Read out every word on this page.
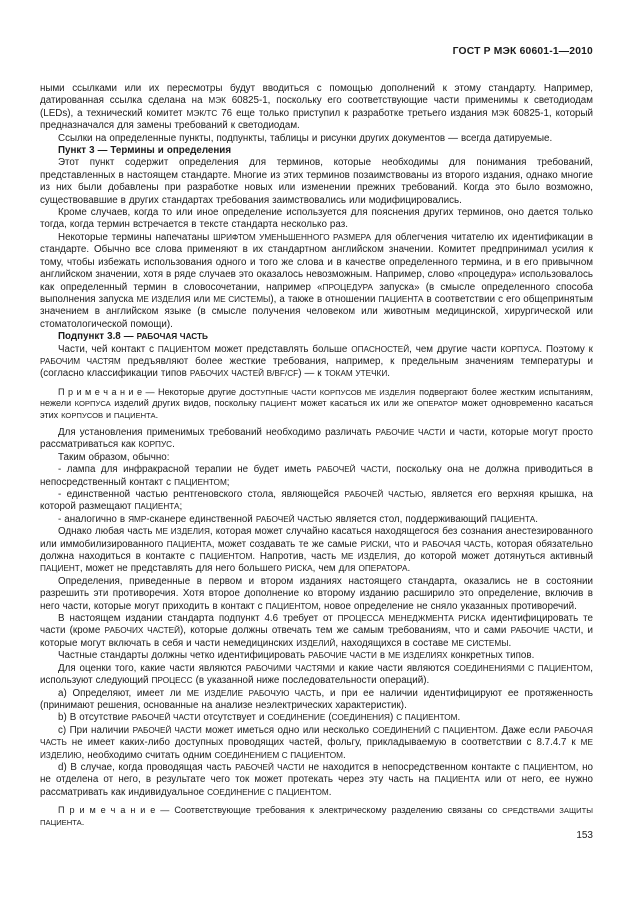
ГОСТ Р МЭК 60601-1—2010
ными ссылками или их пересмотры будут вводиться с помощью дополнений к этому стандарту. Например, датированная ссылка сделана на МЭК 60825-1, поскольку его соответствующие части применимы к светодиодам (LEDs), а технический комитет МЭК/ТС 76 еще только приступил к разработке третьего издания МЭК 60825-1, который предназначался для замены требований к светодиодам.
Ссылки на определенные пункты, подпункты, таблицы и рисунки других документов — всегда датируемые.
Пункт 3 — Термины и определения
Этот пункт содержит определения для терминов, которые необходимы для понимания требований, представленных в настоящем стандарте. Многие из этих терминов позаимствованы из второго издания, однако многие из них были добавлены при разработке новых или изменении прежних требований. Когда это было возможно, существовавшие в других стандартах требования заимствовались или модифицировались.
Кроме случаев, когда то или иное определение используется для пояснения других терминов, оно дается только тогда, когда термин встречается в тексте стандарта несколько раз.
Некоторые термины напечатаны ШРИФТОМ УМЕНЬШЕННОГО РАЗМЕРА для облегчения читателю их идентификации в стандарте. Обычно все слова применяют в их стандартном английском значении. Комитет предпринимал усилия к тому, чтобы избежать использования одного и того же слова и в качестве определенного термина, и в его привычном английском значении, хотя в ряде случаев это оказалось невозможным. Например, слово «процедура» использовалось как определенный термин в словосочетании, например «ПРОЦЕДУРА запуска» (в смысле определенного способа выполнения запуска МЕ ИЗДЕЛИЯ или МЕ СИСТЕМЫ), а также в отношении ПАЦИЕНТА в соответствии с его общепринятым значением в английском языке (в смысле получения человеком или животным медицинской, хирургической или стоматологической помощи).
Подпункт 3.8 — РАБОЧАЯ ЧАСТЬ
Части, чей контакт с ПАЦИЕНТОМ может представлять больше ОПАСНОСТЕЙ, чем другие части КОРПУСА. Поэтому к РАБОЧИМ ЧАСТЯМ предъявляют более жесткие требования, например, к предельным значениям температуры и (согласно классификации типов РАБОЧИХ ЧАСТЕЙ B/BF/CF) — к ТОКАМ УТЕЧКИ.
П р и м е ч а н и е — Некоторые другие ДОСТУПНЫЕ ЧАСТИ КОРПУСОВ МЕ ИЗДЕЛИЯ подвергают более жестким испытаниям, нежели КОРПУСА изделий других видов, поскольку ПАЦИЕНТ может касаться их или же ОПЕРАТОР может одновременно касаться этих КОРПУСОВ и ПАЦИЕНТА.
Для установления применимых требований необходимо различать РАБОЧИЕ ЧАСТИ и части, которые могут просто рассматриваться как КОРПУС.
Таким образом, обычно:
- лампа для инфракрасной терапии не будет иметь РАБОЧЕЙ ЧАСТИ, поскольку она не должна приводиться в непосредственный контакт с ПАЦИЕНТОМ;
- единственной частью рентгеновского стола, являющейся РАБОЧЕЙ ЧАСТЬЮ, является его верхняя крышка, на которой размещают ПАЦИЕНТА;
- аналогично в ЯМР-сканере единственной РАБОЧЕЙ ЧАСТЬЮ является стол, поддерживающий ПАЦИЕНТА.
Однако любая часть МЕ ИЗДЕЛИЯ, которая может случайно касаться находящегося без сознания анестезированного или иммобилизированного ПАЦИЕНТА, может создавать те же самые РИСКИ, что и РАБОЧАЯ ЧАСТЬ, которая обязательно должна находиться в контакте с ПАЦИЕНТОМ. Напротив, часть МЕ ИЗДЕЛИЯ, до которой может дотянуться активный ПАЦИЕНТ, может не представлять для него большего РИСКА, чем для ОПЕРАТОРА.
Определения, приведенные в первом и втором изданиях настоящего стандарта, оказались не в состоянии разрешить эти противоречия. Хотя второе дополнение ко второму изданию расширило это определение, включив в него части, которые могут приходить в контакт с ПАЦИЕНТОМ, новое определение не сняло указанных противоречий.
В настоящем издании стандарта подпункт 4.6 требует от ПРОЦЕССА МЕНЕДЖМЕНТА РИСКА идентифицировать те части (кроме РАБОЧИХ ЧАСТЕЙ), которые должны отвечать тем же самым требованиям, что и сами РАБОЧИЕ ЧАСТИ, и которые могут включать в себя и части немедицинских ИЗДЕЛИЙ, находящихся в составе МЕ СИСТЕМЫ.
Частные стандарты должны четко идентифицировать РАБОЧИЕ ЧАСТИ в МЕ ИЗДЕЛИЯХ конкретных типов.
Для оценки того, какие части являются РАБОЧИМИ ЧАСТЯМИ и какие части являются СОЕДИНЕНИЯМИ С ПАЦИЕНТОМ, используют следующий ПРОЦЕСС (в указанной ниже последовательности операций).
a) Определяют, имеет ли МЕ ИЗДЕЛИЕ РАБОЧУЮ ЧАСТЬ, и при ее наличии идентифицируют ее протяженность (принимают решения, основанные на анализе неэлектрических характеристик).
b) В отсутствие РАБОЧЕЙ ЧАСТИ отсутствует и СОЕДИНЕНИЕ (СОЕДИНЕНИЯ) С ПАЦИЕНТОМ.
c) При наличии РАБОЧЕЙ ЧАСТИ может иметься одно или несколько СОЕДИНЕНИЙ С ПАЦИЕНТОМ. Даже если РАБОЧАЯ ЧАСТЬ не имеет каких-либо доступных проводящих частей, фольгу, прикладываемую в соответствии с 8.7.4.7 к МЕ ИЗДЕЛИЮ, необходимо считать одним СОЕДИНЕНИЕМ С ПАЦИЕНТОМ.
d) В случае, когда проводящая часть РАБОЧЕЙ ЧАСТИ не находится в непосредственном контакте с ПАЦИЕНТОМ, но не отделена от него, в результате чего ток может протекать через эту часть на ПАЦИЕНТА или от него, ее нужно рассматривать как индивидуальное СОЕДИНЕНИЕ С ПАЦИЕНТОМ.
П р и м е ч а н и е — Соответствующие требования к электрическому разделению связаны со СРЕДСТВАМИ ЗАЩИТЫ ПАЦИЕНТА.
153
